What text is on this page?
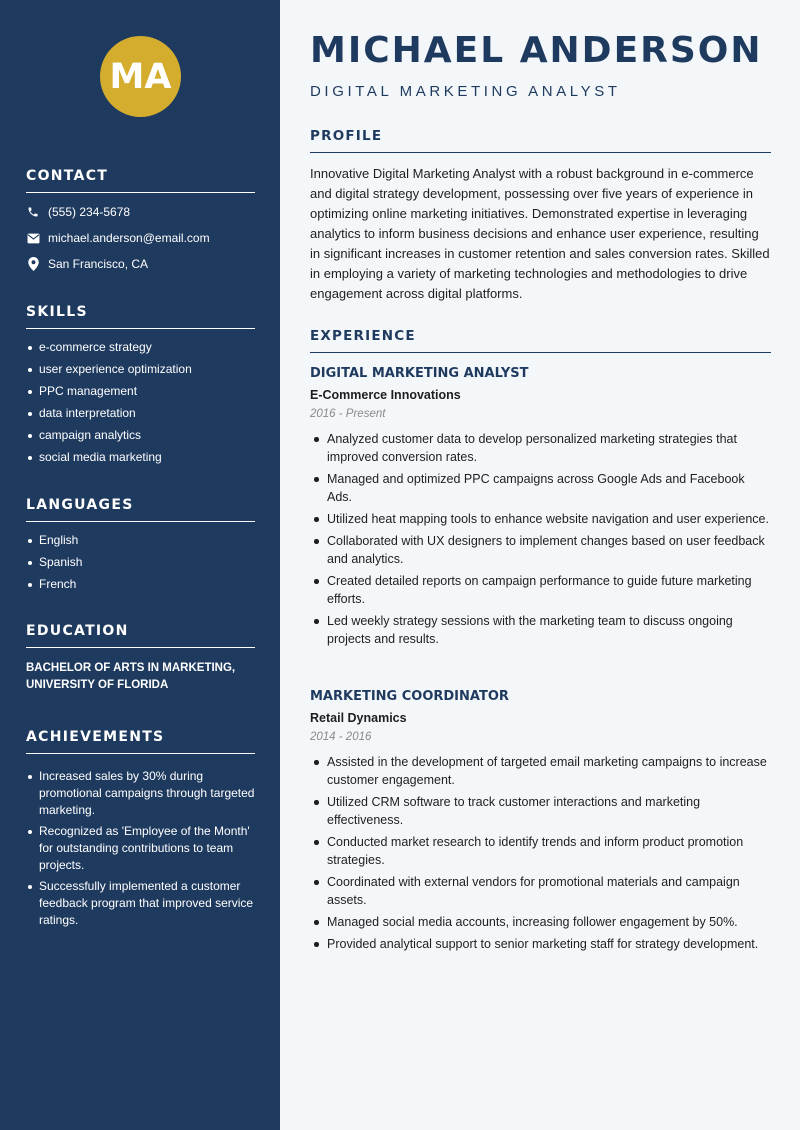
MA
CONTACT
(555) 234-5678
michael.anderson@email.com
San Francisco, CA
SKILLS
e-commerce strategy
user experience optimization
PPC management
data interpretation
campaign analytics
social media marketing
LANGUAGES
English
Spanish
French
EDUCATION
BACHELOR OF ARTS IN MARKETING, UNIVERSITY OF FLORIDA
ACHIEVEMENTS
Increased sales by 30% during promotional campaigns through targeted marketing.
Recognized as 'Employee of the Month' for outstanding contributions to team projects.
Successfully implemented a customer feedback program that improved service ratings.
MICHAEL ANDERSON
DIGITAL MARKETING ANALYST
PROFILE

Innovative Digital Marketing Analyst with a robust background in e-commerce and digital strategy development, possessing over five years of experience in optimizing online marketing initiatives. Demonstrated expertise in leveraging analytics to inform business decisions and enhance user experience, resulting in significant increases in customer retention and sales conversion rates. Skilled in employing a variety of marketing technologies and methodologies to drive engagement across digital platforms.

EXPERIENCE
DIGITAL MARKETING ANALYST
E-Commerce Innovations
2016 - Present
Analyzed customer data to develop personalized marketing strategies that improved conversion rates.
Managed and optimized PPC campaigns across Google Ads and Facebook Ads.
Utilized heat mapping tools to enhance website navigation and user experience.
Collaborated with UX designers to implement changes based on user feedback and analytics.
Created detailed reports on campaign performance to guide future marketing efforts.
Led weekly strategy sessions with the marketing team to discuss ongoing projects and results.
MARKETING COORDINATOR
Retail Dynamics
2014 - 2016
Assisted in the development of targeted email marketing campaigns to increase customer engagement.
Utilized CRM software to track customer interactions and marketing effectiveness.
Conducted market research to identify trends and inform product promotion strategies.
Coordinated with external vendors for promotional materials and campaign assets.
Managed social media accounts, increasing follower engagement by 50%.
Provided analytical support to senior marketing staff for strategy development.
